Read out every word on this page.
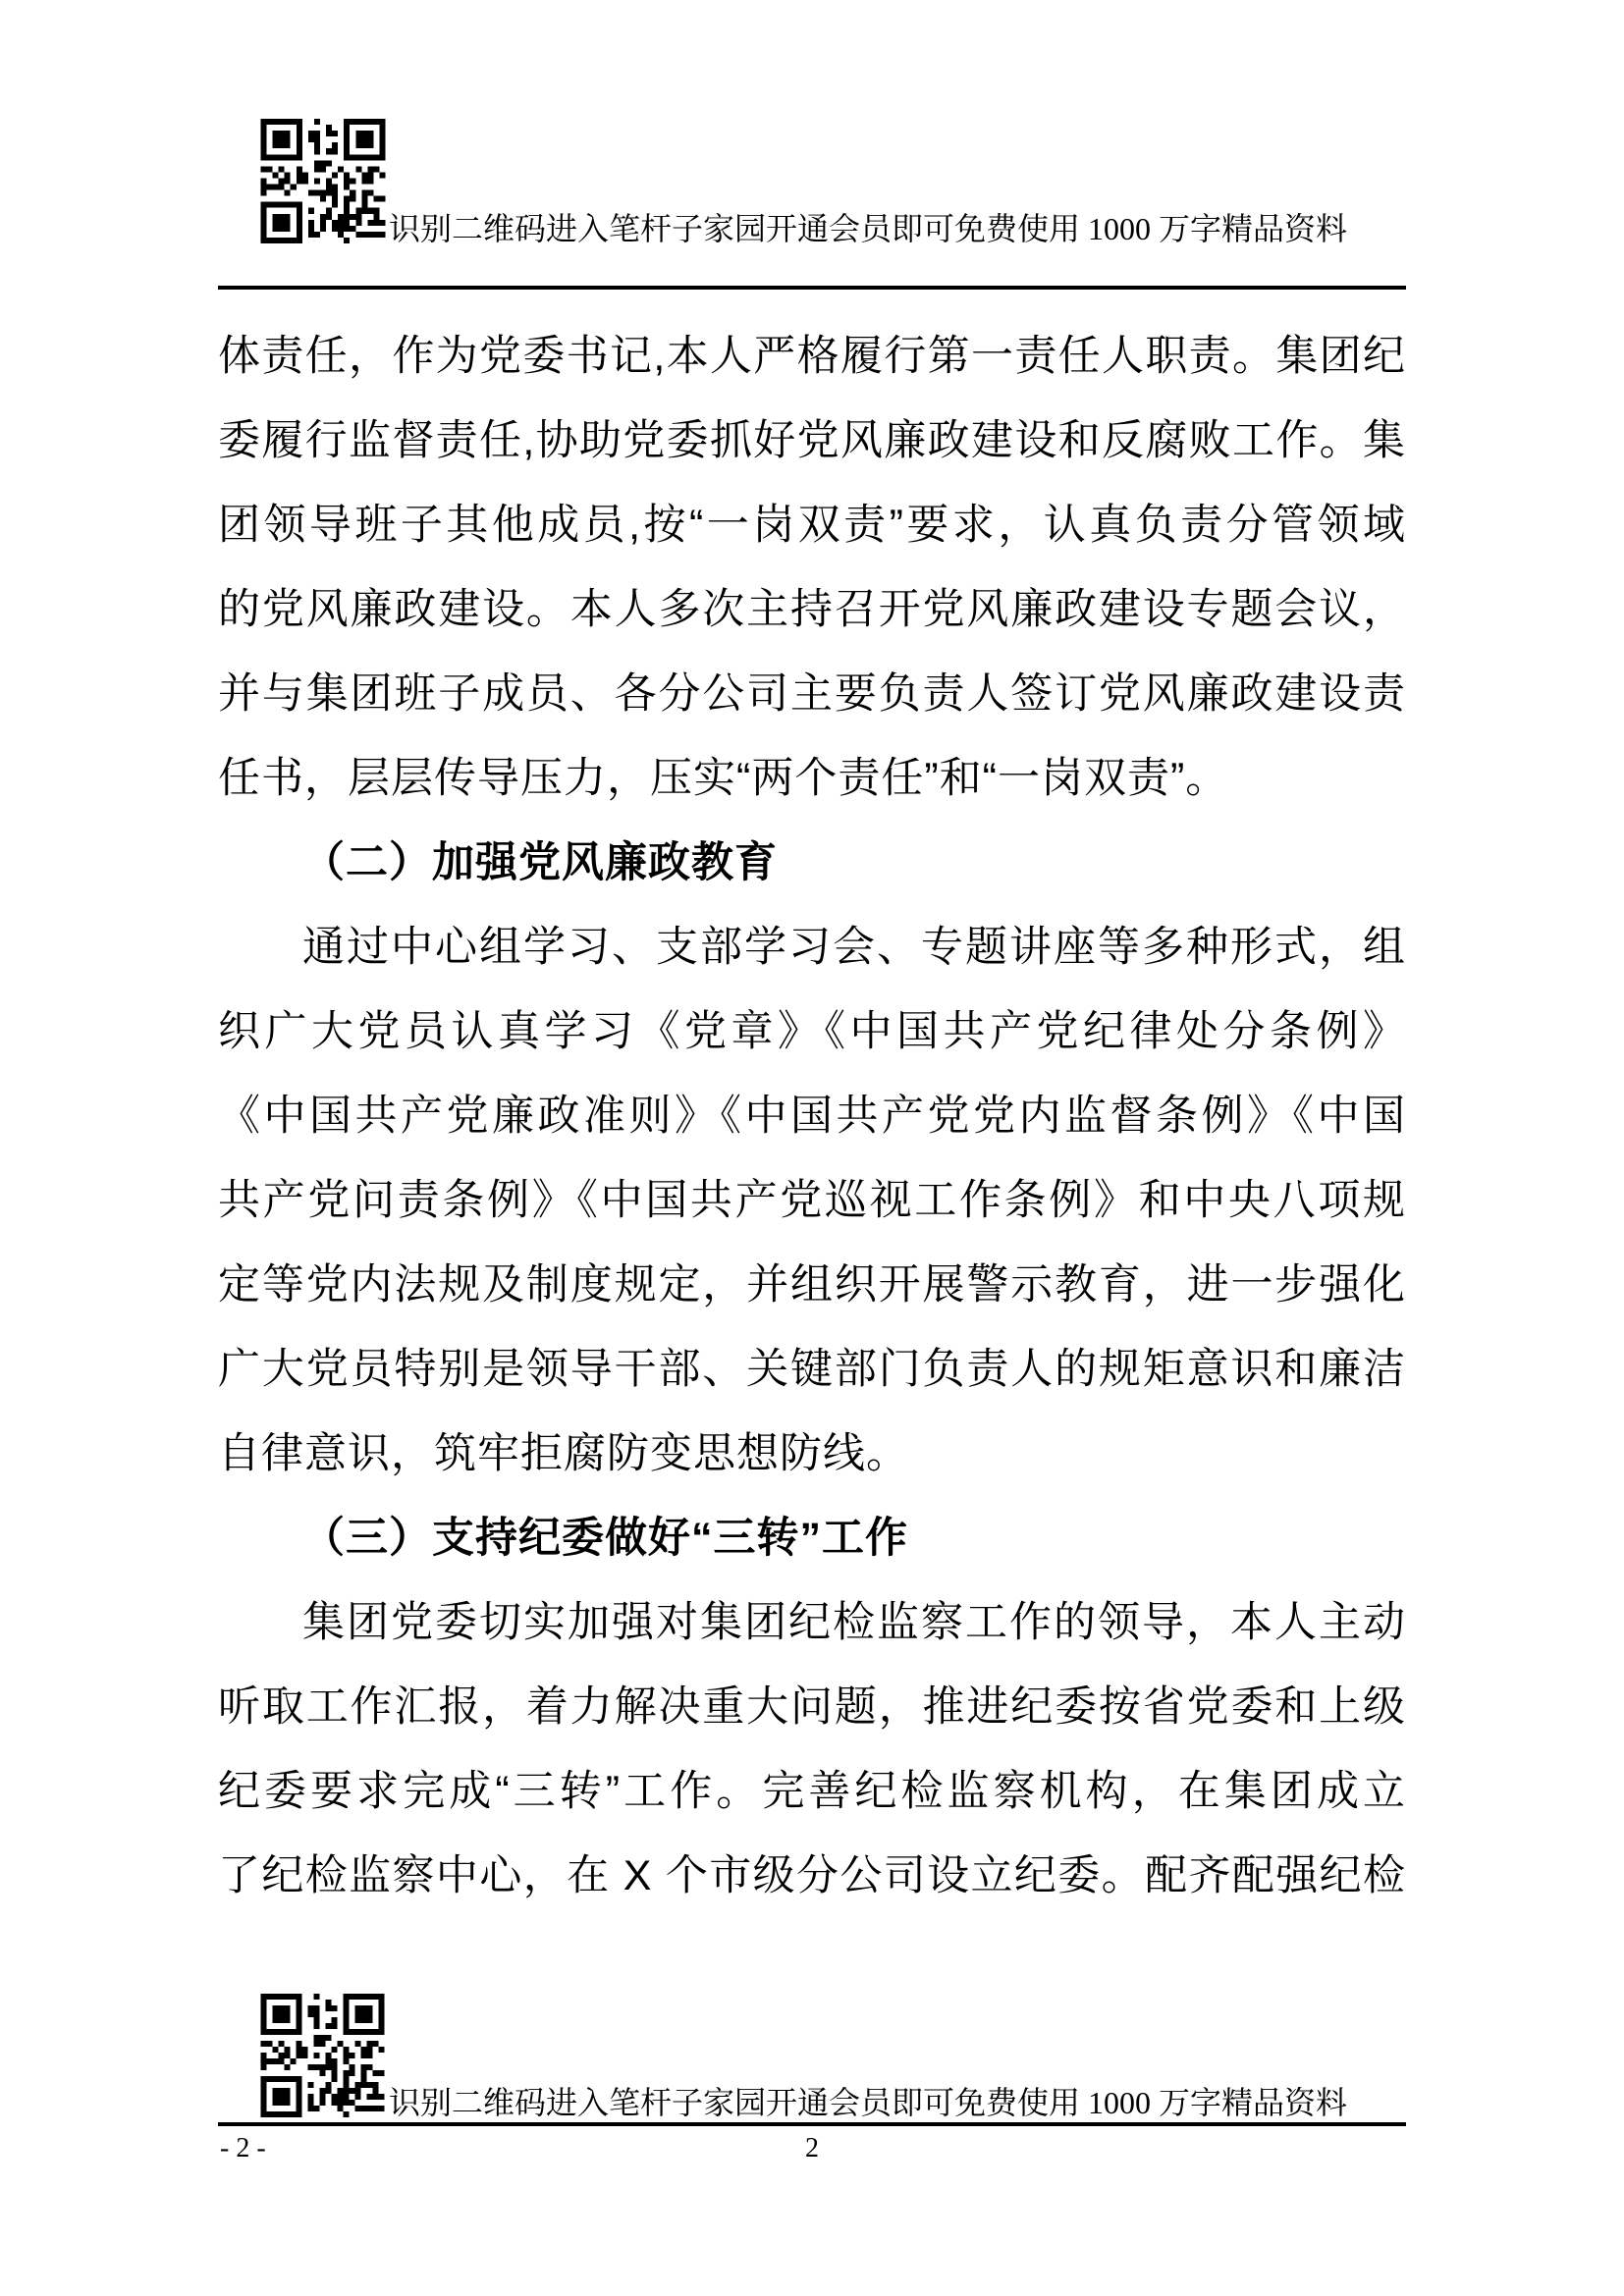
识别二维码进入笔杆子家园开通会员即可免费使用 1000 万字精品资料
体责任，作为党委书记,本人严格履行第一责任人职责。集团纪
委履行监督责任,协助党委抓好党风廉政建设和反腐败工作。集
团领导班子其他成员,按“一岗双责”要求，认真负责分管领域
的党风廉政建设。本人多次主持召开党风廉政建设专题会议，
并与集团班子成员、各分公司主要负责人签订党风廉政建设责
任书，层层传导压力，压实“两个责任”和“一岗双责”。
（二）加强党风廉政教育
通过中心组学习、支部学习会、专题讲座等多种形式，组
织广大党员认真学习《党章》《中国共产党纪律处分条例》
《中国共产党廉政准则》《中国共产党党内监督条例》《中国
共产党问责条例》《中国共产党巡视工作条例》和中央八项规
定等党内法规及制度规定，并组织开展警示教育，进一步强化
广大党员特别是领导干部、关键部门负责人的规矩意识和廉洁
自律意识，筑牢拒腐防变思想防线。
（三）支持纪委做好“三转”工作
集团党委切实加强对集团纪检监察工作的领导，本人主动
听取工作汇报，着力解决重大问题，推进纪委按省党委和上级
纪委要求完成“三转”工作。完善纪检监察机构，在集团成立
了纪检监察中心，在 X 个市级分公司设立纪委。配齐配强纪检
识别二维码进入笔杆子家园开通会员即可免费使用 1000 万字精品资料
- 2 -	2
